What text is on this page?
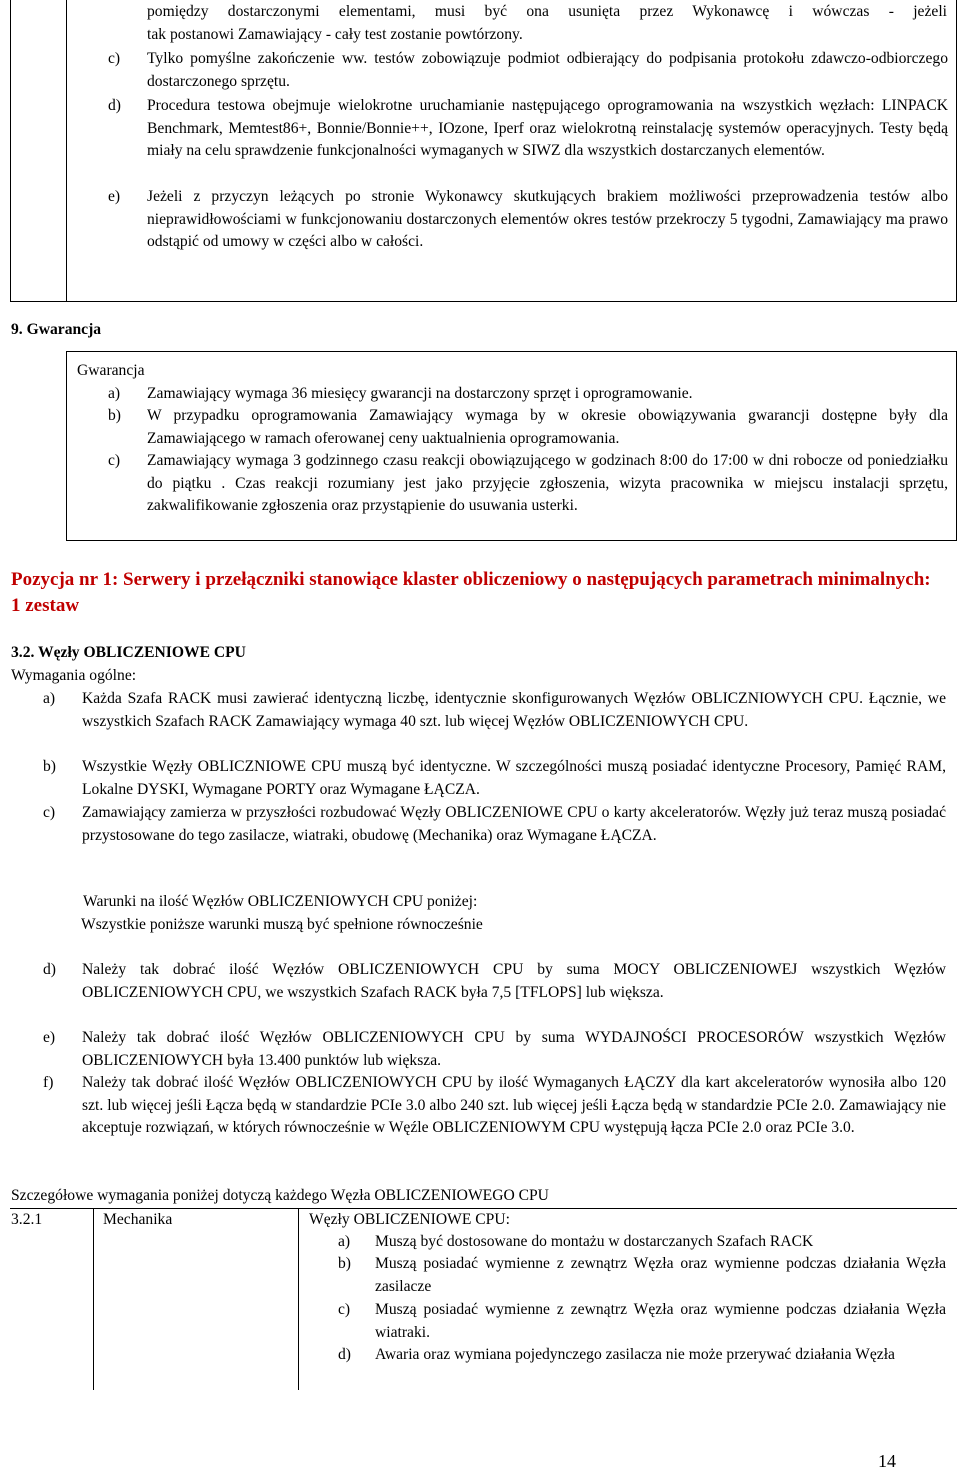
pomiędzy dostarczonymi elementami, musi być ona usunięta przez Wykonawcę i wówczas - jeżeli
tak postanowi Zamawiający - cały test zostanie powtórzony.
c) Tylko pomyślne zakończenie ww. testów zobowiązuje podmiot odbierający do podpisania protokołu zdawczo-odbiorczego dostarczonego sprzętu.
d) Procedura testowa obejmuje wielokrotne uruchamianie następującego oprogramowania na wszystkich węzłach: LINPACK Benchmark, Memtest86+, Bonnie/Bonnie++, IOzone, Iperf oraz wielokrotną reinstalację systemów operacyjnych. Testy będą miały na celu sprawdzenie funkcjonalności wymaganych w SIWZ dla wszystkich dostarczanych elementów.
e) Jeżeli z przyczyn leżących po stronie Wykonawcy skutkujących brakiem możliwości przeprowadzenia testów albo nieprawidłowościami w funkcjonowaniu dostarczonych elementów okres testów przekroczy 5 tygodni, Zamawiający ma prawo odstąpić od umowy w części albo w całości.
9. Gwarancja
Gwarancja
a) Zamawiający wymaga 36 miesięcy gwarancji na dostarczony sprzęt i oprogramowanie.
b) W przypadku oprogramowania Zamawiający wymaga by w okresie obowiązywania gwarancji dostępne były dla Zamawiającego w ramach oferowanej ceny uaktualnienia oprogramowania.
c) Zamawiający wymaga 3 godzinnego czasu reakcji obowiązującego w godzinach 8:00 do 17:00 w dni robocze od poniedziałku do piątku . Czas reakcji rozumiany jest jako przyjęcie zgłoszenia, wizyta pracownika w miejscu instalacji sprzętu, zakwalifikowanie zgłoszenia oraz przystąpienie do usuwania usterki.
Pozycja nr 1: Serwery i przełączniki stanowiące klaster obliczeniowy o następujących parametrach minimalnych: 1 zestaw
3.2. Węzły OBLICZENIOWE CPU
Wymagania ogólne:
a) Każda Szafa RACK musi zawierać identyczną liczbę, identycznie skonfigurowanych Węzłów OBLICZNIOWYCH CPU. Łącznie, we wszystkich Szafach RACK Zamawiający wymaga 40 szt. lub więcej Węzłów OBLICZENIOWYCH CPU.
b) Wszystkie Węzły OBLICZNIOWE CPU muszą być identyczne. W szczególności muszą posiadać identyczne Procesory, Pamięć RAM, Lokalne DYSKI, Wymagane PORTY oraz Wymagane ŁĄCZA.
c) Zamawiający zamierza w przyszłości rozbudować Węzły OBLICZENIOWE CPU o karty akceleratorów. Węzły już teraz muszą posiadać przystosowane do tego zasilacze, wiatraki, obudowę (Mechanika) oraz Wymagane ŁĄCZA.
Warunki na ilość Węzłów OBLICZENIOWYCH CPU poniżej:
Wszystkie poniższe warunki muszą być spełnione równocześnie
d) Należy tak dobrać ilość Węzłów OBLICZENIOWYCH CPU by suma MOCY OBLICZENIOWEJ wszystkich Węzłów OBLICZENIOWYCH CPU, we wszystkich Szafach RACK była 7,5 [TFLOPS] lub większa.
e) Należy tak dobrać ilość Węzłów OBLICZENIOWYCH CPU by suma WYDAJNOŚCI PROCESORÓW wszystkich Węzłów OBLICZENIOWYCH była 13.400 punktów lub większa.
f) Należy tak dobrać ilość Węzłów OBLICZENIOWYCH CPU by ilość Wymaganych ŁĄCZY dla kart akceleratorów wynosiła albo 120 szt. lub więcej jeśli Łącza będą w standardzie PCIe 3.0 albo 240 szt. lub więcej jeśli Łącza będą w standardzie PCIe 2.0. Zamawiający nie akceptuje rozwiązań, w których równocześnie w Węźle OBLICZENIOWYM CPU występują łącza PCIe 2.0 oraz PCIe 3.0.
Szczegółowe wymagania poniżej dotyczą każdego Węzła OBLICZENIOWEGO CPU
3.2.1	Mechanika	Węzły OBLICZENIOWE CPU:
a) Muszą być dostosowane do montażu w dostarczanych Szafach RACK
b) Muszą posiadać wymienne z zewnątrz Węzła oraz wymienne podczas działania Węzła zasilacze
c) Muszą posiadać wymienne z zewnątrz Węzła oraz wymienne podczas działania Węzła wiatraki.
d) Awaria oraz wymiana pojedynczego zasilacza nie może przerywać działania Węzła
14
